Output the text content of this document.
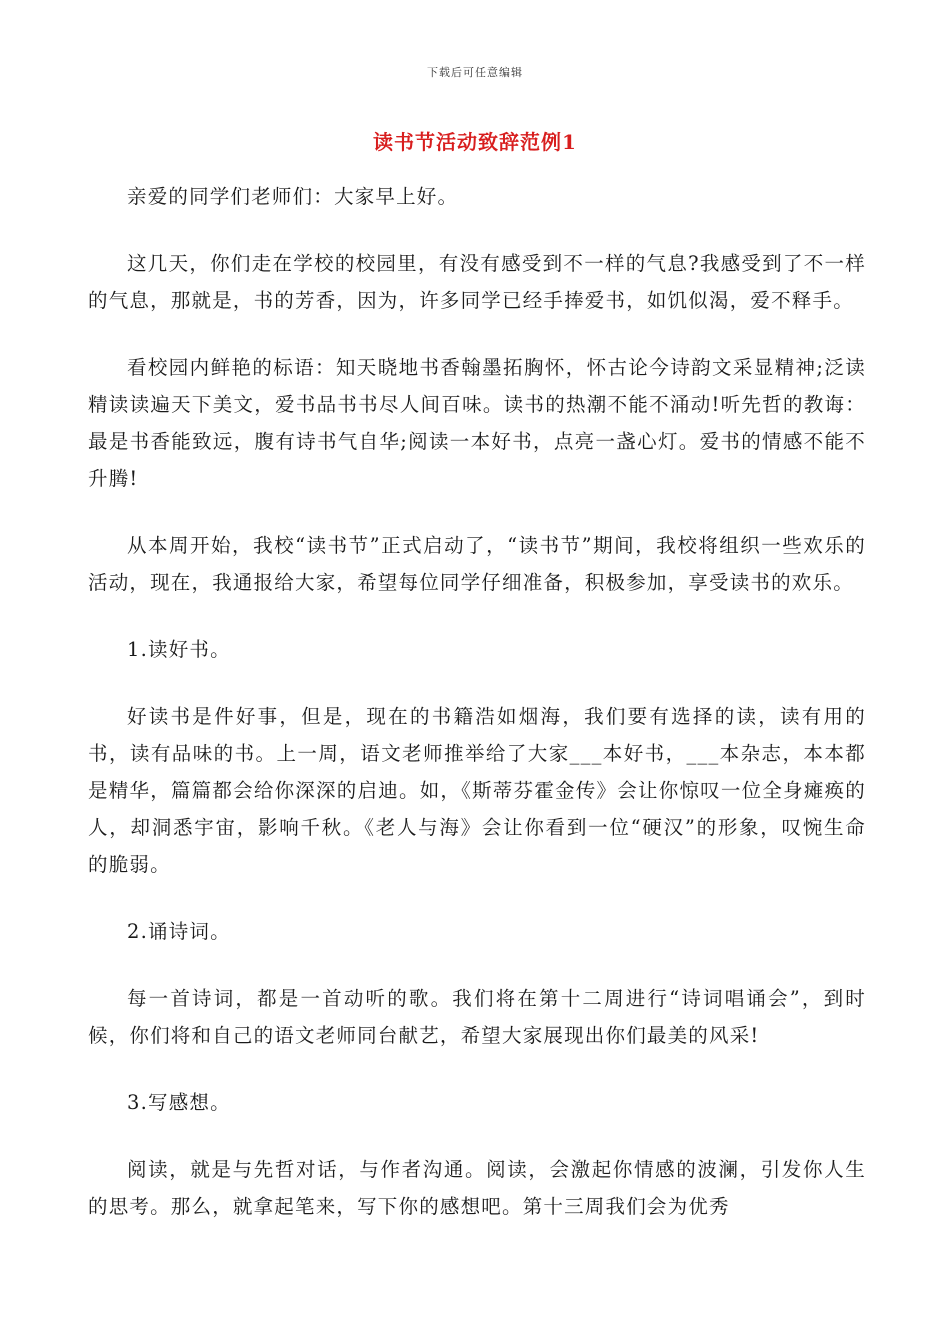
下载后可任意编辑
读书节活动致辞范例1

亲爱的同学们老师们：大家早上好。

这几天，你们走在学校的校园里，有没有感受到不一样的气息?我感受到了不一样的气息，那就是，书的芳香，因为，许多同学已经手捧爱书，如饥似渴，爱不释手。

看校园内鲜艳的标语：知天晓地书香翰墨拓胸怀，怀古论今诗韵文采显精神;泛读精读读遍天下美文，爱书品书书尽人间百味。读书的热潮不能不涌动!听先哲的教诲：最是书香能致远，腹有诗书气自华;阅读一本好书，点亮一盏心灯。爱书的情感不能不升腾!

从本周开始，我校“读书节”正式启动了，“读书节”期间，我校将组织一些欢乐的活动，现在，我通报给大家，希望每位同学仔细准备，积极参加，享受读书的欢乐。

1.读好书。

好读书是件好事，但是，现在的书籍浩如烟海，我们要有选择的读，读有用的书，读有品味的书。上一周，语文老师推举给了大家___本好书，___本杂志，本本都是精华，篇篇都会给你深深的启迪。如，《斯蒂芬霍金传》会让你惊叹一位全身瘫痪的人，却洞悉宇宙，影响千秋。《老人与海》会让你看到一位“硬汉”的形象，叹惋生命的脆弱。

2.诵诗词。

每一首诗词，都是一首动听的歌。我们将在第十二周进行“诗词唱诵会”，到时候，你们将和自己的语文老师同台献艺，希望大家展现出你们最美的风采!

3.写感想。

阅读，就是与先哲对话，与作者沟通。阅读，会激起你情感的波澜，引发你人生的思考。那么，就拿起笔来，写下你的感想吧。第十三周我们会为优秀
